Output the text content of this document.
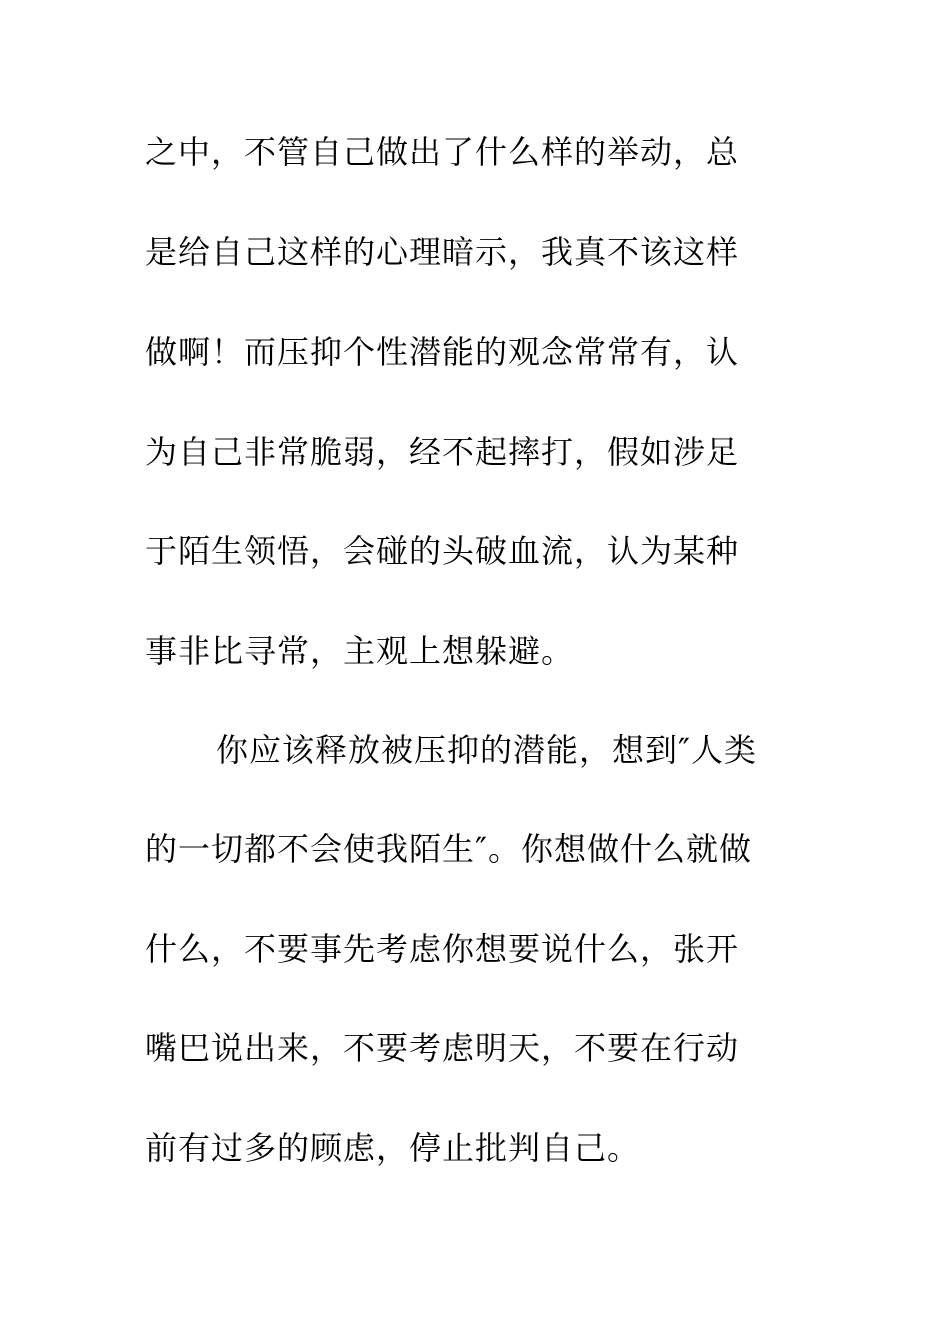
之中，不管自己做出了什么样的举动，总
是给自己这样的心理暗示，我真不该这样
做啊！而压抑个性潜能的观念常常有，认
为自己非常脆弱，经不起摔打，假如涉足
于陌生领悟，会碰的头破血流，认为某种
事非比寻常，主观上想躲避。
你应该释放被压抑的潜能，想到″人类
的一切都不会使我陌生″。你想做什么就做
什么，不要事先考虑你想要说什么，张开
嘴巴说出来，不要考虑明天，不要在行动
前有过多的顾虑，停止批判自己。
